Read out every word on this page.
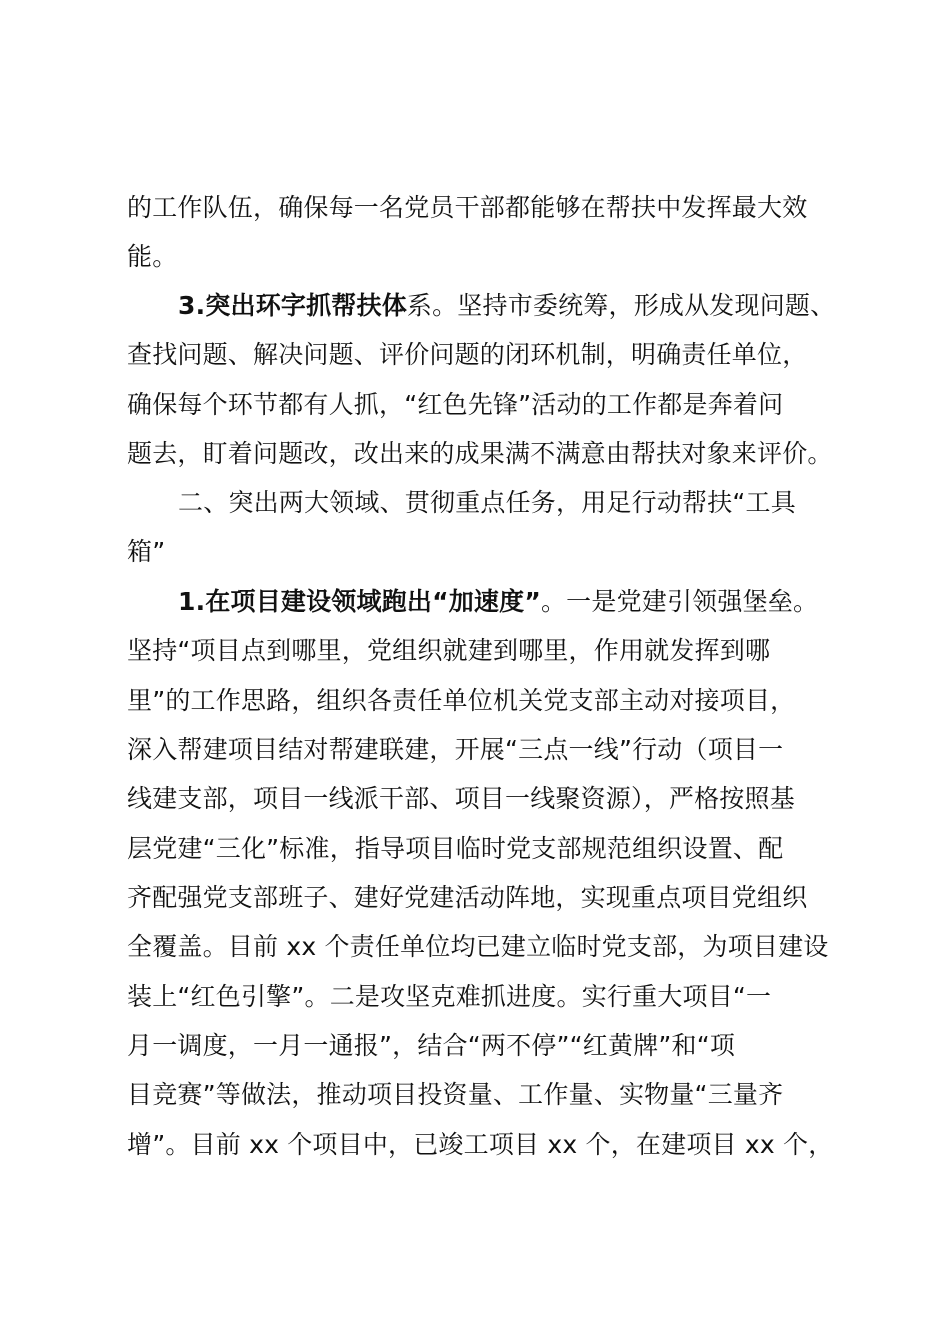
的工作队伍，确保每一名党员干部都能够在帮扶中发挥最大效
能。
3.突出环字抓帮扶体系。坚持市委统筹，形成从发现问题、
查找问题、解决问题、评价问题的闭环机制，明确责任单位，
确保每个环节都有人抓，“红色先锋”活动的工作都是奔着问
题去，盯着问题改，改出来的成果满不满意由帮扶对象来评价。
二、突出两大领域、贯彻重点任务，用足行动帮扶“工具
箱”
1.在项目建设领域跑出“加速度”。一是党建引领强堡垒。
坚持“项目点到哪里，党组织就建到哪里，作用就发挥到哪
里”的工作思路，组织各责任单位机关党支部主动对接项目，
深入帮建项目结对帮建联建，开展“三点一线”行动（项目一
线建支部，项目一线派干部、项目一线聚资源），严格按照基
层党建“三化”标准，指导项目临时党支部规范组织设置、配
齐配强党支部班子、建好党建活动阵地，实现重点项目党组织
全覆盖。目前 xx 个责任单位均已建立临时党支部，为项目建设
装上“红色引擎”。二是攻坚克难抓进度。实行重大项目“一
月一调度，一月一通报”，结合“两不停”“红黄牌”和“项
目竞赛”等做法，推动项目投资量、工作量、实物量“三量齐
增”。目前 xx 个项目中，已竣工项目 xx 个，在建项目 xx 个，
